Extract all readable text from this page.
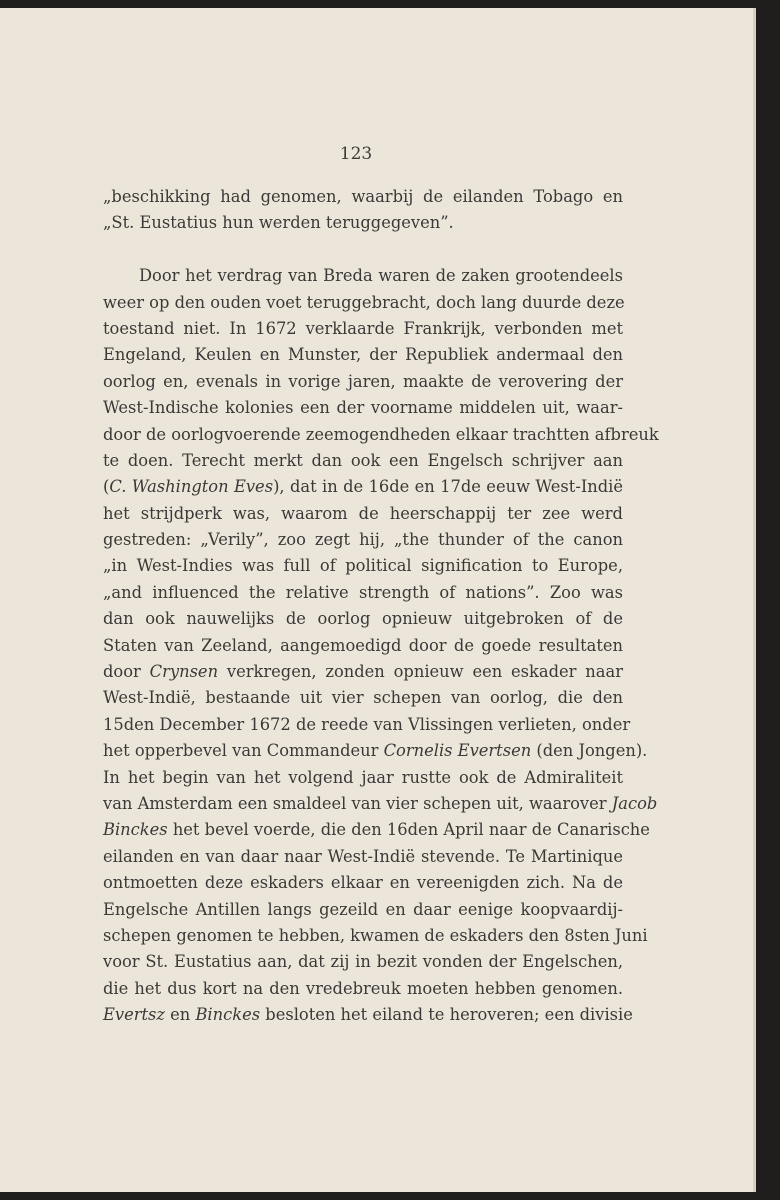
123
„beschikking had genomen, waarbij de eilanden Tobago en
„St. Eustatius hun werden teruggegeven”.
Door het verdrag van Breda waren de zaken grootendeels
weer op den ouden voet teruggebracht, doch lang duurde deze
toestand niet. In 1672 verklaarde Frankrijk, verbonden met
Engeland, Keulen en Munster, der Republiek andermaal den
oorlog en, evenals in vorige jaren, maakte de verovering der
West-Indische kolonies een der voorname middelen uit, waar-
door de oorlogvoerende zeemogendheden elkaar trachtten afbreuk
te doen. Terecht merkt dan ook een Engelsch schrijver aan
(C. Washington Eves), dat in de 16de en 17de eeuw West-Indië
het strijdperk was, waarom de heerschappij ter zee werd
gestreden: „Verily”, zoo zegt hij, „the thunder of the canon
„in West-Indies was full of political signification to Europe,
„and influenced the relative strength of nations”. Zoo was
dan ook nauwelijks de oorlog opnieuw uitgebroken of de
Staten van Zeeland, aangemoedigd door de goede resultaten
door Crynsen verkregen, zonden opnieuw een eskader naar
West-Indië, bestaande uit vier schepen van oorlog, die den
15den December 1672 de reede van Vlissingen verlieten, onder
het opperbevel van Commandeur Cornelis Evertsen (den Jongen).
In het begin van het volgend jaar rustte ook de Admiraliteit
van Amsterdam een smaldeel van vier schepen uit, waarover Jacob
Binckes het bevel voerde, die den 16den April naar de Canarische
eilanden en van daar naar West-Indië stevende. Te Martinique
ontmoetten deze eskaders elkaar en vereenigden zich. Na de
Engelsche Antillen langs gezeild en daar eenige koopvaardij-
schepen genomen te hebben, kwamen de eskaders den 8sten Juni
voor St. Eustatius aan, dat zij in bezit vonden der Engelschen,
die het dus kort na den vredebreuk moeten hebben genomen.
Evertsz en Binckes besloten het eiland te heroveren; een divisie
